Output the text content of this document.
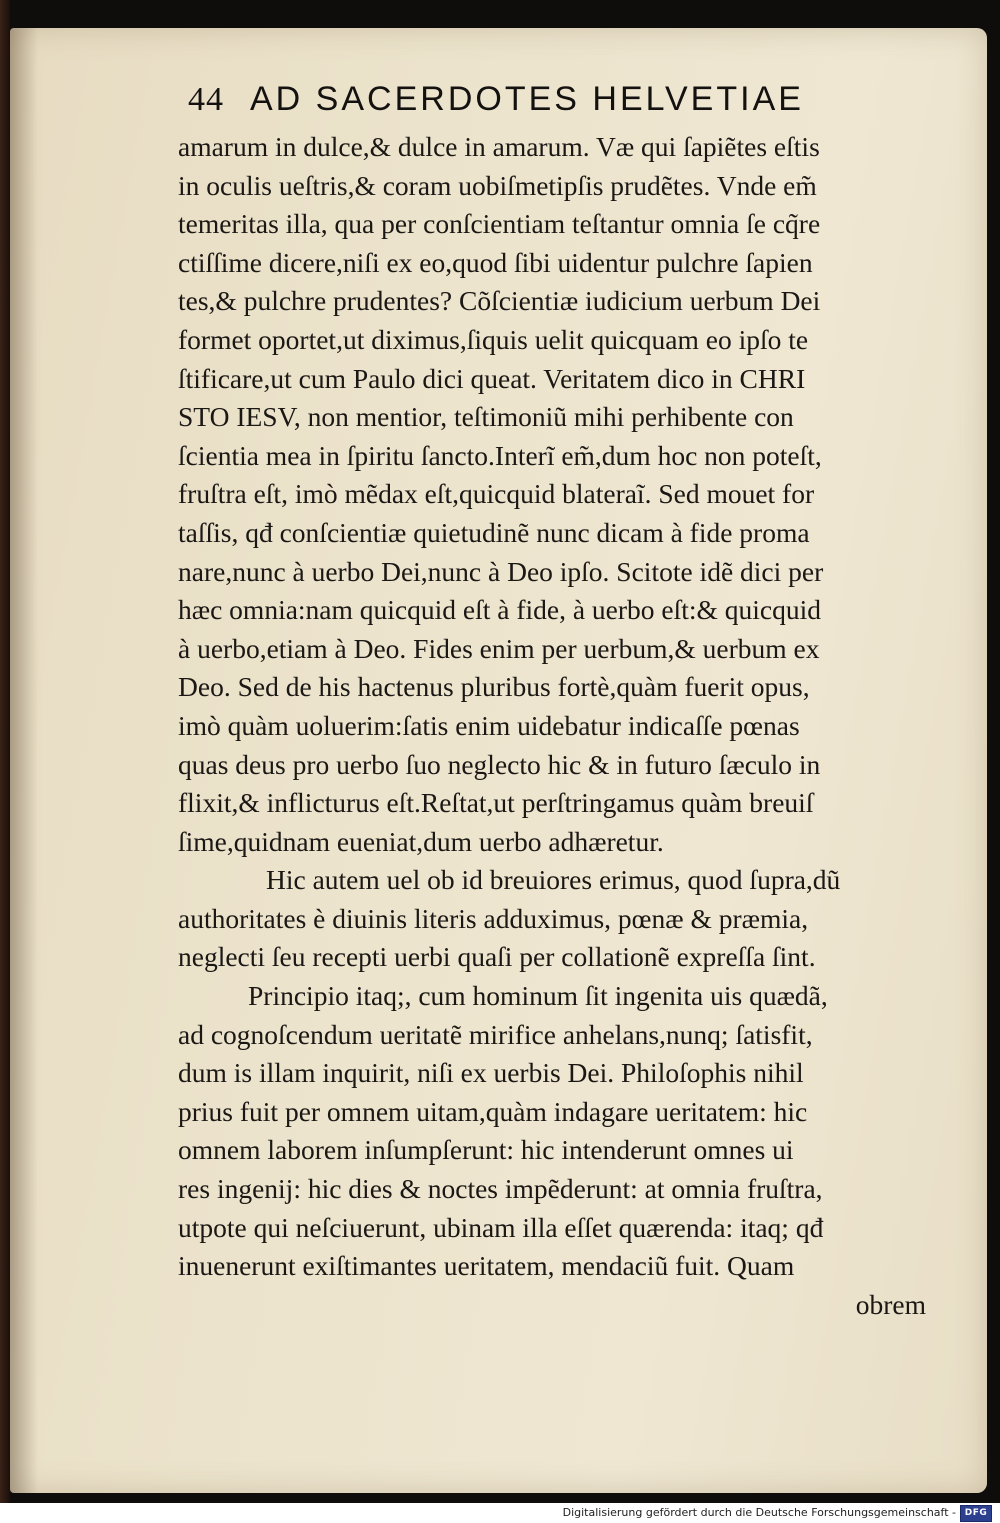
44 AD SACERDOTES HELVETIAE
amarum in dulce,& dulce in amarum. Væ qui ſapiẽtes eſtis
in oculis ueſtris,& coram uobiſmetipſis prudẽtes. Vnde em̃
temeritas illa, qua per conſcientiam teſtantur omnia ſe cq̃re
ctiſſime dicere,niſi ex eo,quod ſibi uidentur pulchre ſapien
tes,& pulchre prudentes? Cõſcientiæ iudicium uerbum Dei
formet oportet,ut diximus,ſiquis uelit quicquam eo ipſo te
ſtificare,ut cum Paulo dici queat. Veritatem dico in CHRI
STO IESV, non mentior, teſtimoniũ mihi perhibente con
ſcientia mea in ſpiritu ſancto.Interĩ em̃,dum hoc non poteſt,
fruſtra eſt, imò mẽdax eſt,quicquid blateraĩ. Sed mouet for
taſſis, qđ conſcientiæ quietudinẽ nunc dicam à fide proma
nare,nunc à uerbo Dei,nunc à Deo ipſo. Scitote idẽ dici per
hæc omnia:nam quicquid eſt à fide, à uerbo eſt:& quicquid
à uerbo,etiam à Deo. Fides enim per uerbum,& uerbum ex
Deo. Sed de his hactenus pluribus fortè,quàm fuerit opus,
imò quàm uoluerim:ſatis enim uidebatur indicaſſe pœnas
quas deus pro uerbo ſuo neglecto hic & in futuro ſæculo in
flixit,& inflicturus eſt.Reſtat,ut perſtringamus quàm breuiſ
ſime,quidnam eueniat,dum uerbo adhæretur.
Hic autem uel ob id breuiores erimus, quod ſupra,dũ
authoritates è diuinis literis adduximus, pœnæ & præmia,
neglecti ſeu recepti uerbi quaſi per collationẽ expreſſa ſint.
Principio itaq;, cum hominum ſit ingenita uis quædã,
ad cognoſcendum ueritatẽ mirifice anhelans,nunq; ſatisfit,
dum is illam inquirit, niſi ex uerbis Dei. Philoſophis nihil
prius fuit per omnem uitam,quàm indagare ueritatem: hic
omnem laborem inſumpſerunt: hic intenderunt omnes ui
res ingenij: hic dies & noctes impẽderunt: at omnia fruſtra,
utpote qui neſciuerunt, ubinam illa eſſet quærenda: itaq; qđ
inuenerunt exiſtimantes ueritatem, mendaciũ fuit. Quam
obrem
Digitalisierung gefördert durch die Deutsche Forschungsgemeinschaft - DFG
